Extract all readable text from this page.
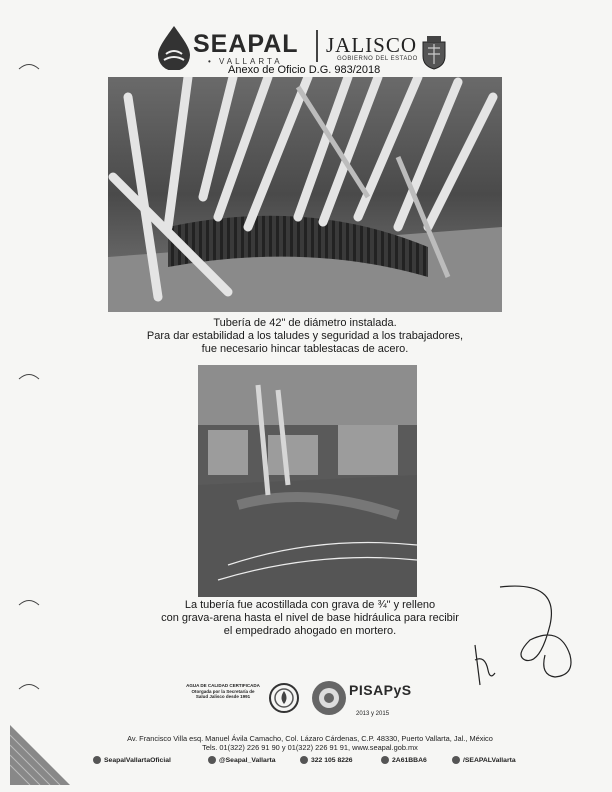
SEAPAL
• VALLARTA
JALISCO
GOBIERNO DEL ESTADO
Anexo de Oficio D.G. 983/2018
Tubería de 42" de diámetro instalada.
Para dar estabilidad a los taludes y seguridad a los trabajadores,
fue necesario hincar tablestacas de acero.
La tubería fue acostillada con grava de ¾" y relleno
con grava-arena hasta el nivel de base hidráulica para recibir
el empedrado ahogado en mortero.
AGUA DE CALIDAD CERTIFICADA
Otorgada por la Secretaría de
Salud Jalisco desde 1991	PISAPyS
2013 y 2015
Av. Francisco Villa esq. Manuel Ávila Camacho, Col. Lázaro Cárdenas, C.P. 48330, Puerto Vallarta, Jal., México
Tels. 01(322) 226 91 90 y 01(322) 226 91 91, www.seapal.gob.mx
SeapalVallartaOficial	@Seapal_Vallarta	322 105 8226	2A61BBA6	/SEAPALVallarta
